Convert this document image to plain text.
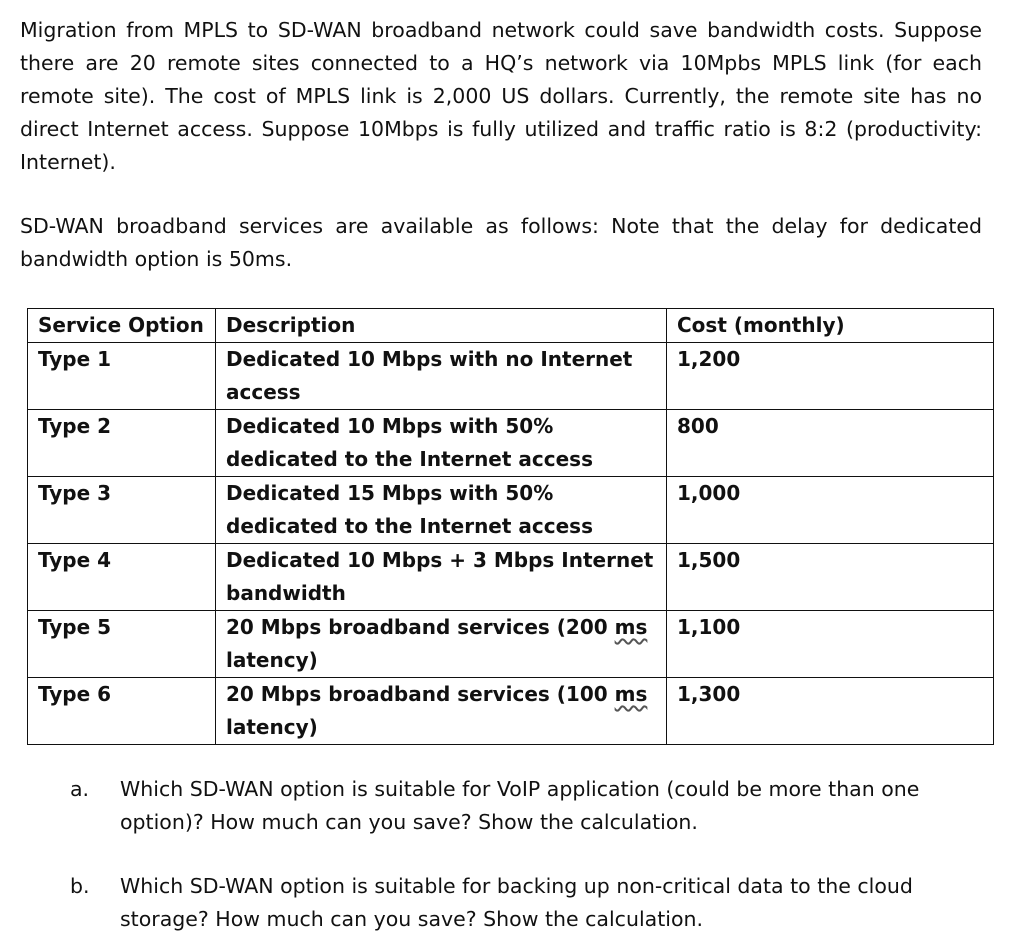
Migration from MPLS to SD-WAN broadband network could save bandwidth costs. Suppose there are 20 remote sites connected to a HQ’s network via 10Mpbs MPLS link (for each remote site). The cost of MPLS link is 2,000 US dollars. Currently, the remote site has no direct Internet access. Suppose 10Mbps is fully utilized and traffic ratio is 8:2 (productivity: Internet).

SD-WAN broadband services are available as follows: Note that the delay for dedicated bandwidth option is 50ms.

Service Option	Description	Cost (monthly)
Type 1	Dedicated 10 Mbps with no Internet access	1,200
Type 2	Dedicated 10 Mbps with 50% dedicated to the Internet access	800
Type 3	Dedicated 15 Mbps with 50% dedicated to the Internet access	1,000
Type 4	Dedicated 10 Mbps + 3 Mbps Internet bandwidth	1,500
Type 5	20 Mbps broadband services (200 ms latency)	1,100
Type 6	20 Mbps broadband services (100 ms latency)	1,300
a.	Which SD-WAN option is suitable for VoIP application (could be more than one option)? How much can you save? Show the calculation.
b.	Which SD-WAN option is suitable for backing up non-critical data to the cloud storage? How much can you save? Show the calculation.
